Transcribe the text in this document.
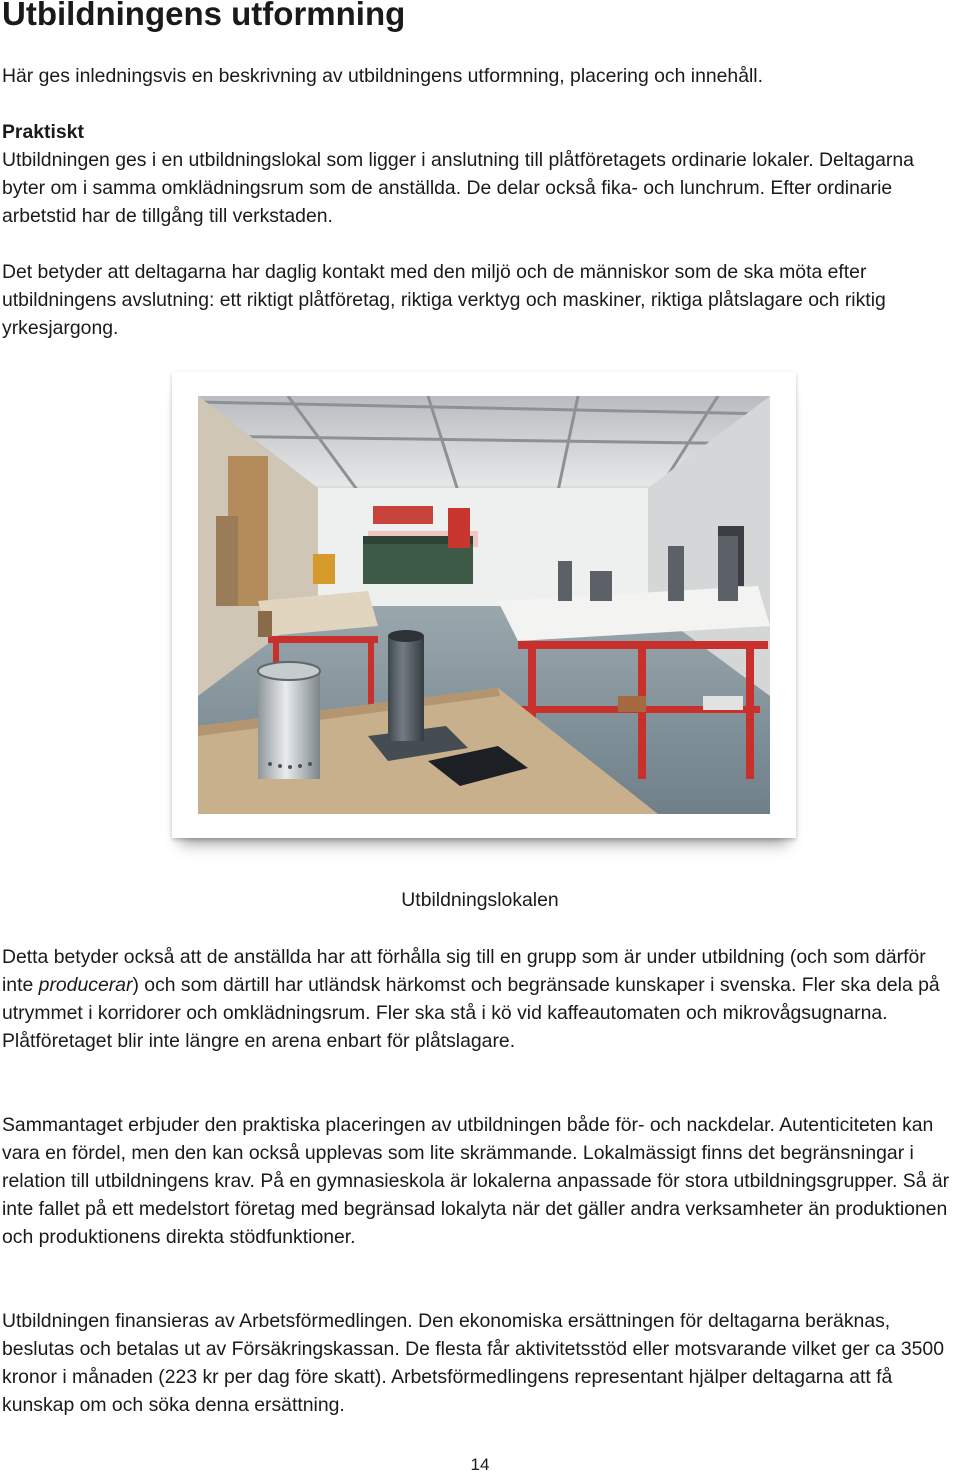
Utbildningens utformning

Här ges inledningsvis en beskrivning av utbildningens utformning, placering och innehåll.

Praktiskt
Utbildningen ges i en utbildningslokal som ligger i anslutning till plåtföretagets ordinarie lokaler. Deltagarna byter om i samma omklädningsrum som de anställda. De delar också fika- och lunchrum. Efter ordinarie arbetstid har de tillgång till verkstaden.

Det betyder att deltagarna har daglig kontakt med den miljö och de människor som de ska möta efter utbildningens avslutning: ett riktigt plåtföretag, riktiga verktyg och maskiner, riktiga plåtslagare och riktig yrkesjargong.

Utbildningslokalen

Detta betyder också att de anställda har att förhålla sig till en grupp som är under utbildning (och som därför inte producerar) och som därtill har utländsk härkomst och begränsade kunskaper i svenska. Fler ska dela på utrymmet i korridorer och omklädningsrum. Fler ska stå i kö vid kaffeautomaten och mikrovågsugnarna. Plåtföretaget blir inte längre en arena enbart för plåtslagare.

Sammantaget erbjuder den praktiska placeringen av utbildningen både för- och nackdelar. Autenticiteten kan vara en fördel, men den kan också upplevas som lite skrämmande. Lokalmässigt finns det begränsningar i relation till utbildningens krav. På en gymnasieskola är lokalerna anpassade för stora utbildningsgrupper. Så är inte fallet på ett medelstort företag med begränsad lokalyta när det gäller andra verksamheter än produktionen och produktionens direkta stödfunktioner.

Utbildningen finansieras av Arbetsförmedlingen. Den ekonomiska ersättningen för deltagarna beräknas, beslutas och betalas ut av Försäkringskassan. De flesta får aktivitetsstöd eller motsvarande vilket ger ca 3500 kronor i månaden (223 kr per dag före skatt). Arbetsförmedlingens representant hjälper deltagarna att få kunskap om och söka denna ersättning.

14
